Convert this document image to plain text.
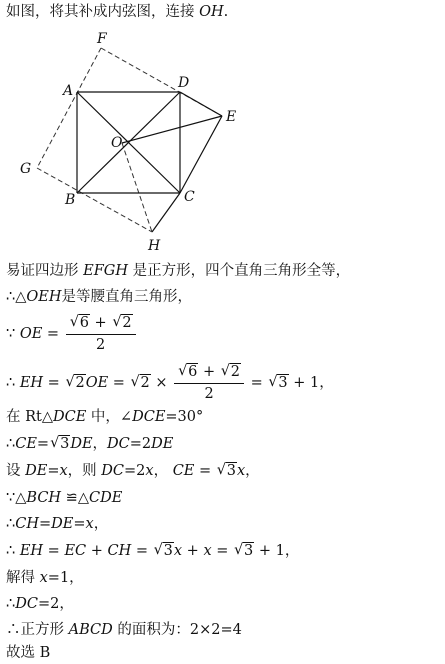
如图，将其补成内弦图，连接 OH.
F
A	D
E
O
G
B	C
H
易证四边形 EFGH 是正方形，四个直角三角形全等，
∴△OEH是等腰直角三角形，
∵ OE = √ $\frac{6 + √ 2}{2}$
∴ EH = √ 2OE = √ 2 × √ $\frac{6 + √ 2}{2}$ = √ 3 + 1，
在 Rt△DCE 中，∠DCE=30°
∴CE= √ 3DE，DC=2DE
设 DE=x，则 DC=2x， CE = √ 3x，
∵△BCH ≌△CDE
∴CH=DE=x，
∴ EH = EC + CH = √ 3x + x = √ 3 + 1，
解得 x=1，
∴DC=2，
∴正方形 ABCD 的面积为：2×2=4
故选 B
